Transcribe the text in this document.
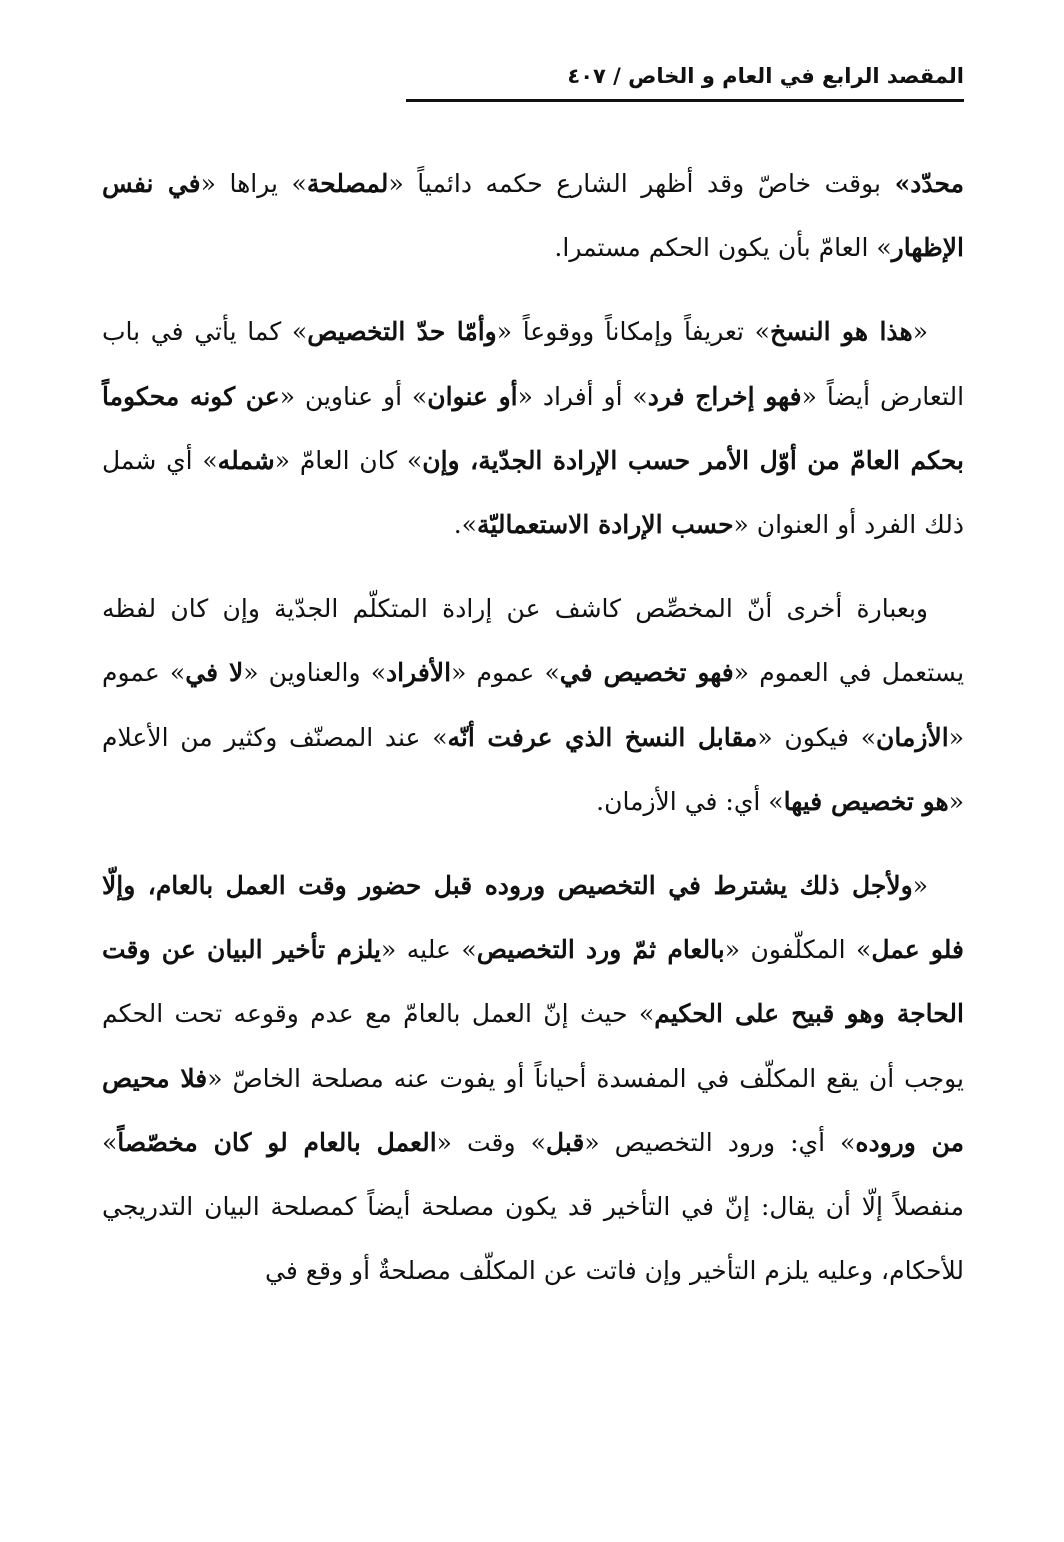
المقصد الرابع في العام و الخاص / ٤٠٧

محدّد» بوقت خاصّ وقد أظهر الشارع حكمه دائمياً «لمصلحة» يراها «في نفس الإظهار» العامّ بأن يكون الحكم مستمرا.

«هذا هو النسخ» تعريفاً وإمكاناً ووقوعاً «وأمّا حدّ التخصيص» كما يأتي في باب التعارض أيضاً «فهو إخراج فرد» أو أفراد «أو عنوان» أو عناوين «عن كونه محكوماً بحكم العامّ من أوّل الأمر حسب الإرادة الجدّية، وإن» كان العامّ «شمله» أي شمل ذلك الفرد أو العنوان «حسب الإرادة الاستعماليّة».

وبعبارة أخرى أنّ المخصِّص كاشف عن إرادة المتكلّم الجدّية وإن كان لفظه يستعمل في العموم «فهو تخصيص في» عموم «الأفراد» والعناوين «لا في» عموم «الأزمان» فيكون «مقابل النسخ الذي عرفت أنّه» عند المصنّف وكثير من الأعلام «هو تخصيص فيها» أي: في الأزمان.

«ولأجل ذلك يشترط في التخصيص وروده قبل حضور وقت العمل بالعام، وإلّا فلو عمل» المكلّفون «بالعام ثمّ ورد التخصيص» عليه «يلزم تأخير البيان عن وقت الحاجة وهو قبيح على الحكيم» حيث إنّ العمل بالعامّ مع عدم وقوعه تحت الحكم يوجب أن يقع المكلّف في المفسدة أحياناً أو يفوت عنه مصلحة الخاصّ «فلا محيص من وروده» أي: ورود التخصيص «قبل» وقت «العمل بالعام لو كان مخصّصاً» منفصلاً إلّا أن يقال: إنّ في التأخير قد يكون مصلحة أيضاً كمصلحة البيان التدريجي للأحكام، وعليه يلزم التأخير وإن فاتت عن المكلّف مصلحةٌ أو وقع في
